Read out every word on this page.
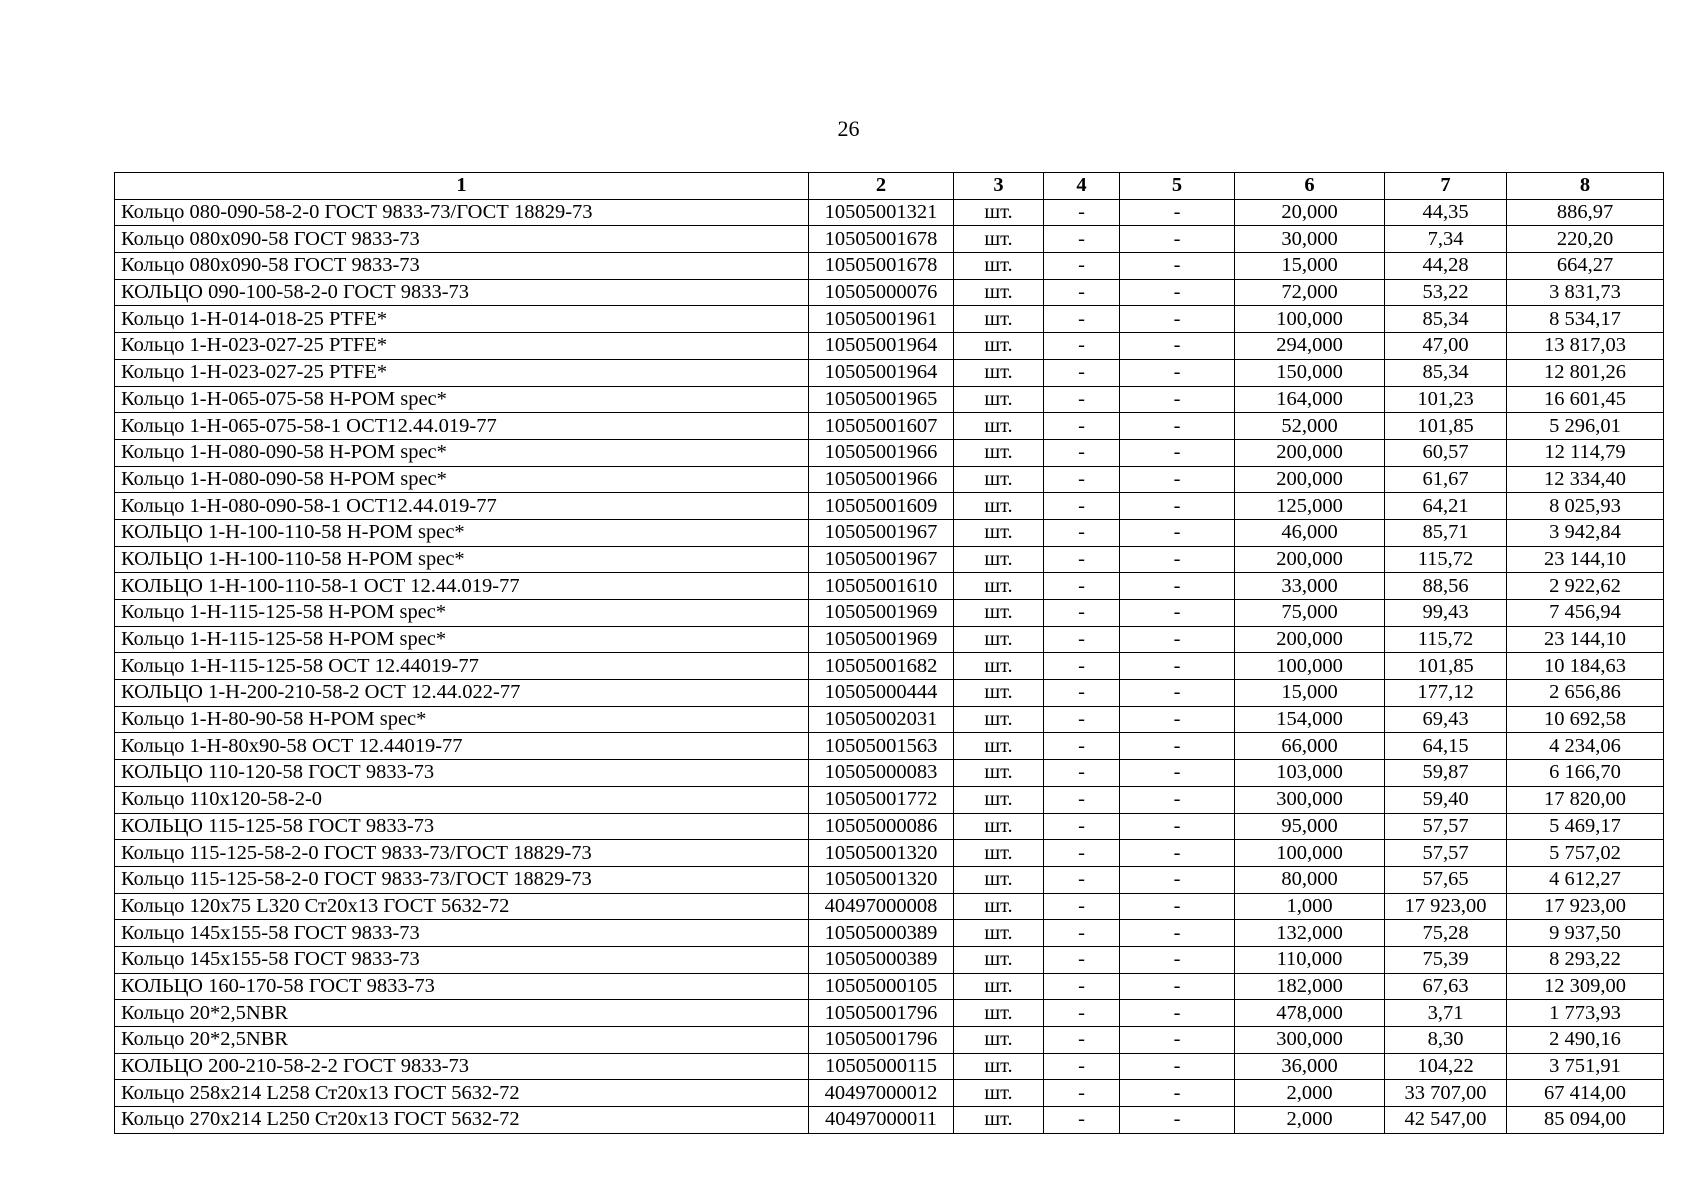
26
1	2	3	4	5	6	7	8
Кольцо 080-090-58-2-0 ГОСТ 9833-73/ГОСТ 18829-73	10505001321	шт.	-	-	20,000	44,35	886,97
Кольцо 080x090-58 ГОСТ 9833-73	10505001678	шт.	-	-	30,000	7,34	220,20
Кольцо 080x090-58 ГОСТ 9833-73	10505001678	шт.	-	-	15,000	44,28	664,27
КОЛЬЦО 090-100-58-2-0 ГОСТ 9833-73	10505000076	шт.	-	-	72,000	53,22	3 831,73
Кольцо 1-Н-014-018-25 PTFE*	10505001961	шт.	-	-	100,000	85,34	8 534,17
Кольцо 1-Н-023-027-25 PTFE*	10505001964	шт.	-	-	294,000	47,00	13 817,03
Кольцо 1-Н-023-027-25 PTFE*	10505001964	шт.	-	-	150,000	85,34	12 801,26
Кольцо 1-Н-065-075-58 H-POM spec*	10505001965	шт.	-	-	164,000	101,23	16 601,45
Кольцо 1-Н-065-075-58-1 ОСТ12.44.019-77	10505001607	шт.	-	-	52,000	101,85	5 296,01
Кольцо 1-Н-080-090-58 H-POM spec*	10505001966	шт.	-	-	200,000	60,57	12 114,79
Кольцо 1-Н-080-090-58 H-POM spec*	10505001966	шт.	-	-	200,000	61,67	12 334,40
Кольцо 1-Н-080-090-58-1 ОСТ12.44.019-77	10505001609	шт.	-	-	125,000	64,21	8 025,93
КОЛЬЦО 1-Н-100-110-58 H-POM spec*	10505001967	шт.	-	-	46,000	85,71	3 942,84
КОЛЬЦО 1-Н-100-110-58 H-POM spec*	10505001967	шт.	-	-	200,000	115,72	23 144,10
КОЛЬЦО 1-Н-100-110-58-1 ОСТ 12.44.019-77	10505001610	шт.	-	-	33,000	88,56	2 922,62
Кольцо 1-Н-115-125-58 H-POM spec*	10505001969	шт.	-	-	75,000	99,43	7 456,94
Кольцо 1-Н-115-125-58 H-POM spec*	10505001969	шт.	-	-	200,000	115,72	23 144,10
Кольцо 1-Н-115-125-58 ОСТ 12.44019-77	10505001682	шт.	-	-	100,000	101,85	10 184,63
КОЛЬЦО 1-Н-200-210-58-2 ОСТ 12.44.022-77	10505000444	шт.	-	-	15,000	177,12	2 656,86
Кольцо 1-Н-80-90-58 H-POM spec*	10505002031	шт.	-	-	154,000	69,43	10 692,58
Кольцо 1-Н-80x90-58 ОСТ 12.44019-77	10505001563	шт.	-	-	66,000	64,15	4 234,06
КОЛЬЦО 110-120-58 ГОСТ 9833-73	10505000083	шт.	-	-	103,000	59,87	6 166,70
Кольцо 110x120-58-2-0	10505001772	шт.	-	-	300,000	59,40	17 820,00
КОЛЬЦО 115-125-58 ГОСТ 9833-73	10505000086	шт.	-	-	95,000	57,57	5 469,17
Кольцо 115-125-58-2-0 ГОСТ 9833-73/ГОСТ 18829-73	10505001320	шт.	-	-	100,000	57,57	5 757,02
Кольцо 115-125-58-2-0 ГОСТ 9833-73/ГОСТ 18829-73	10505001320	шт.	-	-	80,000	57,65	4 612,27
Кольцо 120x75 L320 Ст20x13 ГОСТ 5632-72	40497000008	шт.	-	-	1,000	17 923,00	17 923,00
Кольцо 145x155-58 ГОСТ 9833-73	10505000389	шт.	-	-	132,000	75,28	9 937,50
Кольцо 145x155-58 ГОСТ 9833-73	10505000389	шт.	-	-	110,000	75,39	8 293,22
КОЛЬЦО 160-170-58 ГОСТ 9833-73	10505000105	шт.	-	-	182,000	67,63	12 309,00
Кольцо 20*2,5NBR	10505001796	шт.	-	-	478,000	3,71	1 773,93
Кольцо 20*2,5NBR	10505001796	шт.	-	-	300,000	8,30	2 490,16
КОЛЬЦО 200-210-58-2-2 ГОСТ 9833-73	10505000115	шт.	-	-	36,000	104,22	3 751,91
Кольцо 258x214 L258 Ст20x13 ГОСТ 5632-72	40497000012	шт.	-	-	2,000	33 707,00	67 414,00
Кольцо 270x214 L250 Ст20x13 ГОСТ 5632-72	40497000011	шт.	-	-	2,000	42 547,00	85 094,00
